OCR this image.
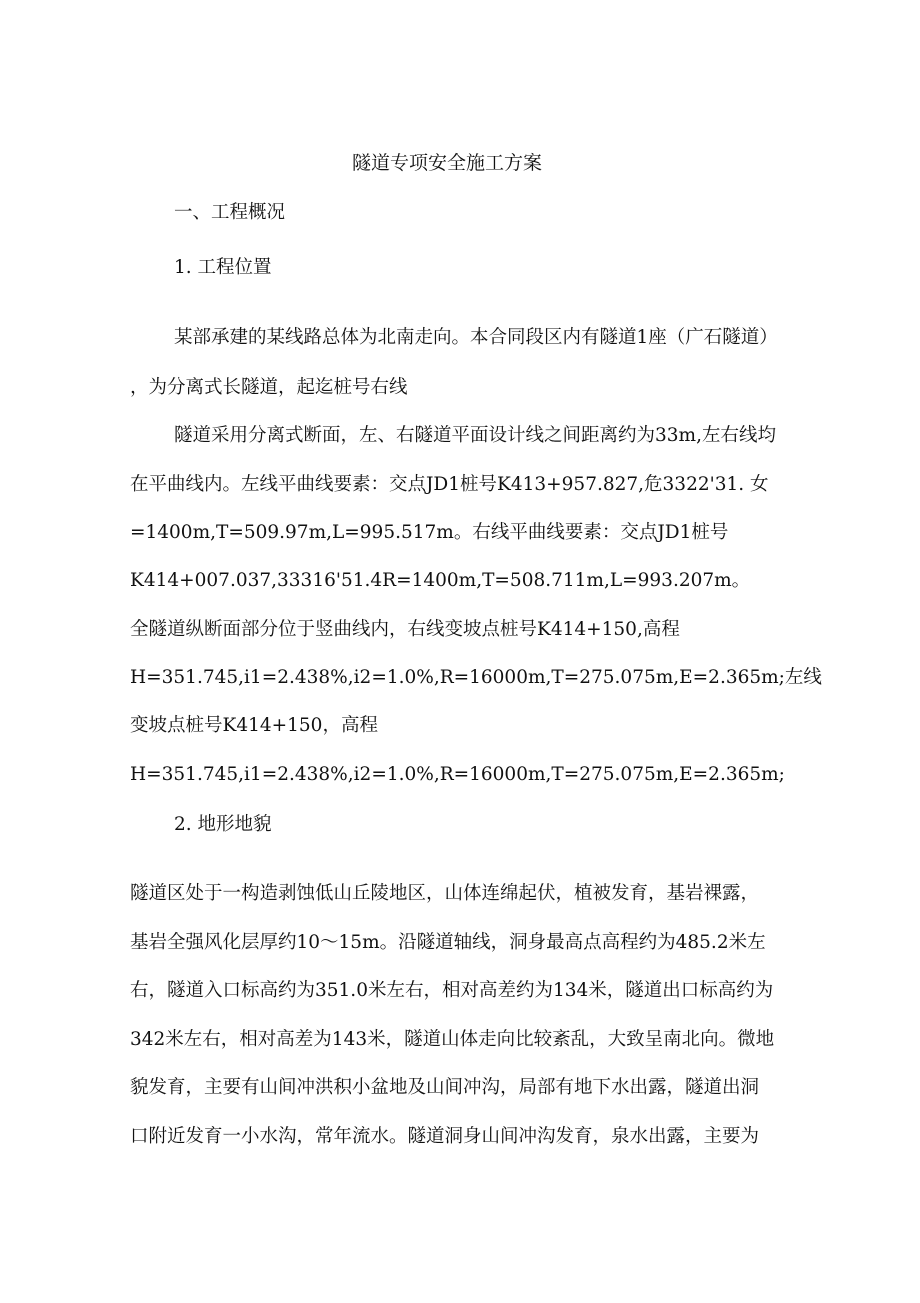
隧道专项安全施工方案
一、工程概况
1. 工程位置
某部承建的某线路总体为北南走向。本合同段区内有隧道1座（广石隧道）
，为分离式长隧道，起迄桩号右线
隧道采用分离式断面，左、右隧道平面设计线之间距离约为33m,左右线均
在平曲线内。左线平曲线要素：交点JD1桩号K413+957.827,危3322'31. 女
=1400m,T=509.97m,L=995.517m。右线平曲线要素：交点JD1桩号
K414+007.037,33316'51.4R=1400m,T=508.711m,L=993.207m。
全隧道纵断面部分位于竖曲线内，右线变坡点桩号K414+150,高程
H=351.745,i1=2.438%,i2=1.0%,R=16000m,T=275.075m,E=2.365m;左线
变坡点桩号K414+150，高程
H=351.745,i1=2.438%,i2=1.0%,R=16000m,T=275.075m,E=2.365m;
2. 地形地貌
隧道区处于一构造剥蚀低山丘陵地区，山体连绵起伏，植被发育，基岩裸露，
基岩全强风化层厚约10～15m。沿隧道轴线，洞身最高点高程约为485.2米左
右，隧道入口标高约为351.0米左右，相对高差约为134米，隧道出口标高约为
342米左右，相对高差为143米，隧道山体走向比较紊乱，大致呈南北向。微地
貌发育，主要有山间冲洪积小盆地及山间冲沟，局部有地下水出露，隧道出洞
口附近发育一小水沟，常年流水。隧道洞身山间冲沟发育，泉水出露，主要为
